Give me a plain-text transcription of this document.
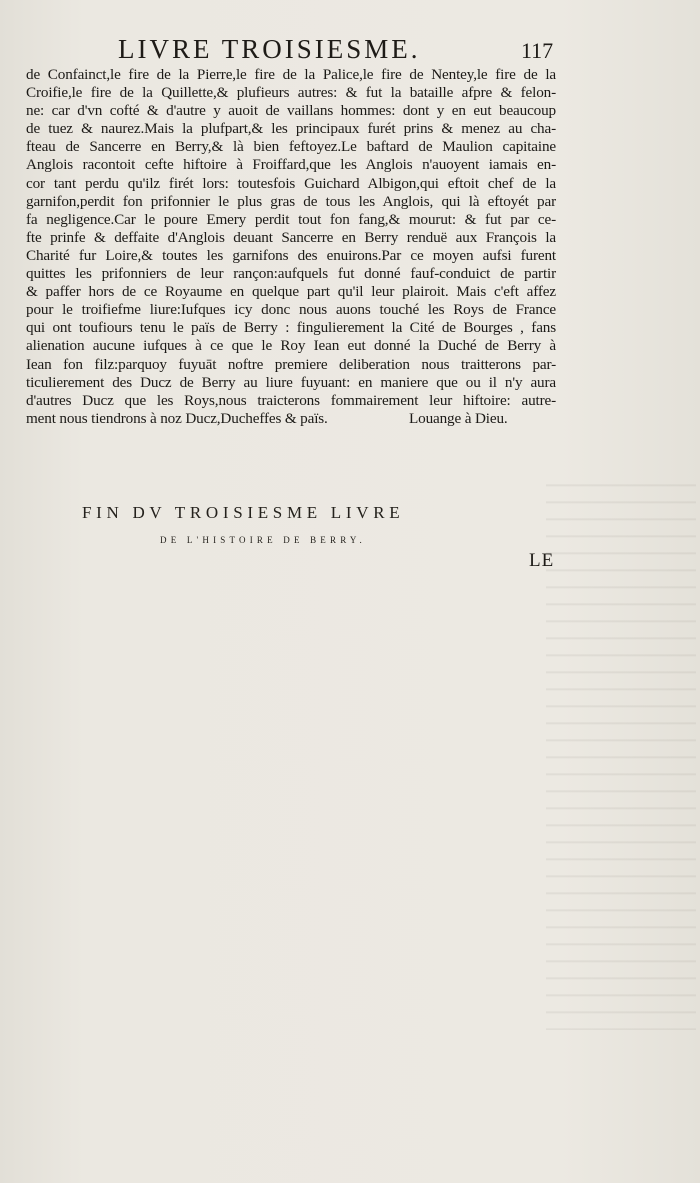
LIVRE TROISIESME.	117
de Confainct,le fire de la Pierre,le fire de la Palice,le fire de Nentey,le fire de la
Croifie,le fire de la Quillette,& plufieurs autres: & fut la bataille afpre & felon-
ne: car d'vn cofté & d'autre y auoit de vaillans hommes: dont y en eut beaucoup
de tuez & naurez.Mais la plufpart,& les principaux furét prins & menez au cha-
fteau de Sancerre en Berry,& là bien feftoyez.Le baftard de Maulion capitaine
Anglois racontoit cefte hiftoire à Froiffard,que les Anglois n'auoyent iamais en-
cor tant perdu qu'ilz firét lors: toutesfois Guichard Albigon,qui eftoit chef de la
garnifon,perdit fon prifonnier le plus gras de tous les Anglois, qui là eftoyét par
fa negligence.Car le poure Emery perdit tout fon fang,& mourut: & fut par ce-
fte prinfe & deffaite d'Anglois deuant Sancerre en Berry renduë aux François la
Charité fur Loire,& toutes les garnifons des enuirons.Par ce moyen aufsi furent
quittes les prifonniers de leur rançon:aufquels fut donné fauf-conduict de partir
& paffer hors de ce Royaume en quelque part qu'il leur plairoit. Mais c'eft affez
pour le troifiefme liure:Iufques icy donc nous auons touché les Roys de France
qui ont toufiours tenu le païs de Berry : fingulierement la Cité de Bourges , fans
alienation aucune iufques à ce que le Roy Iean eut donné la Duché de Berry à
Iean fon filz:parquoy fuyuāt noftre premiere deliberation nous traitterons par-
ticulierement des Ducz de Berry au liure fuyuant: en maniere que ou il n'y aura
d'autres Ducz que les Roys,nous traicterons fommairement leur hiftoire: autre-
ment nous tiendrons à noz Ducz,Ducheffes & païs.	Louange à Dieu.
FIN DV TROISIESME LIVRE
DE L'HISTOIRE DE BERRY.
LE
